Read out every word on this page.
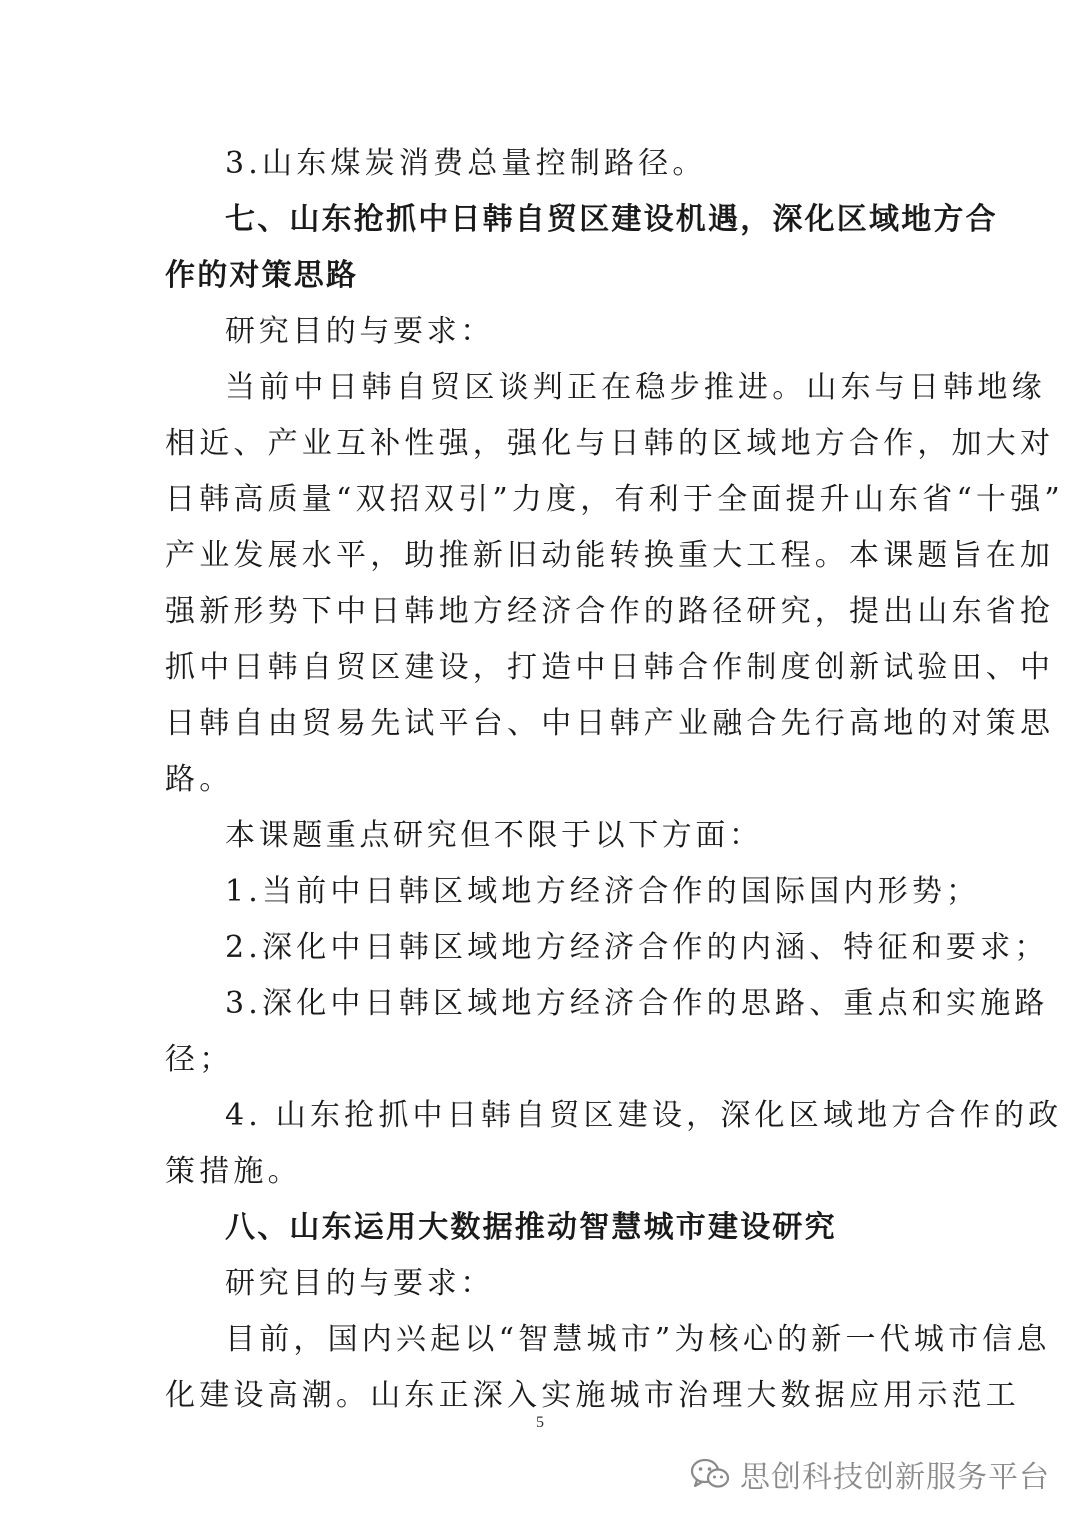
3.山东煤炭消费总量控制路径。
七、山东抢抓中日韩自贸区建设机遇，深化区域地方合
作的对策思路
研究目的与要求：
当前中日韩自贸区谈判正在稳步推进。山东与日韩地缘
相近、产业互补性强，强化与日韩的区域地方合作，加大对
日韩高质量“双招双引”力度，有利于全面提升山东省“十强”
产业发展水平，助推新旧动能转换重大工程。本课题旨在加
强新形势下中日韩地方经济合作的路径研究，提出山东省抢
抓中日韩自贸区建设，打造中日韩合作制度创新试验田、中
日韩自由贸易先试平台、中日韩产业融合先行高地的对策思
路。
本课题重点研究但不限于以下方面：
1.当前中日韩区域地方经济合作的国际国内形势；
2.深化中日韩区域地方经济合作的内涵、特征和要求；
3.深化中日韩区域地方经济合作的思路、重点和实施路
径；
4. 山东抢抓中日韩自贸区建设，深化区域地方合作的政
策措施。
八、山东运用大数据推动智慧城市建设研究
研究目的与要求：
目前，国内兴起以“智慧城市”为核心的新一代城市信息
化建设高潮。山东正深入实施城市治理大数据应用示范工
5
思创科技创新服务平台
